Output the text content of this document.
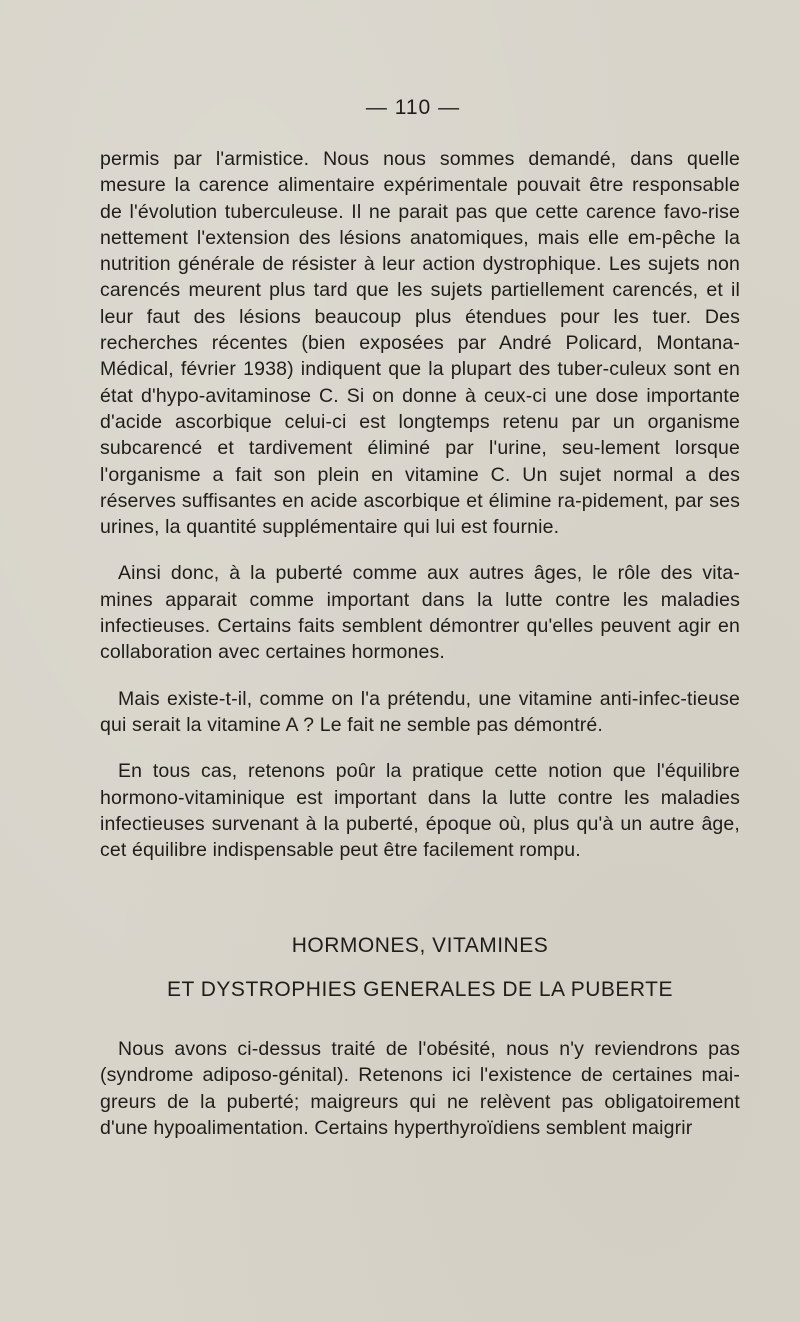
— 110 —

permis par l'armistice. Nous nous sommes demandé, dans quelle mesure la carence alimentaire expérimentale pouvait être responsable de l'évolution tuberculeuse. Il ne parait pas que cette carence favo-rise nettement l'extension des lésions anatomiques, mais elle em-pêche la nutrition générale de résister à leur action dystrophique. Les sujets non carencés meurent plus tard que les sujets partiellement carencés, et il leur faut des lésions beaucoup plus étendues pour les tuer. Des recherches récentes (bien exposées par André Policard, Montana-Médical, février 1938) indiquent que la plupart des tuber-culeux sont en état d'hypo-avitaminose C. Si on donne à ceux-ci une dose importante d'acide ascorbique celui-ci est longtemps retenu par un organisme subcarencé et tardivement éliminé par l'urine, seu-lement lorsque l'organisme a fait son plein en vitamine C. Un sujet normal a des réserves suffisantes en acide ascorbique et élimine ra-pidement, par ses urines, la quantité supplémentaire qui lui est fournie.

Ainsi donc, à la puberté comme aux autres âges, le rôle des vita-mines apparait comme important dans la lutte contre les maladies infectieuses. Certains faits semblent démontrer qu'elles peuvent agir en collaboration avec certaines hormones.

Mais existe-t-il, comme on l'a prétendu, une vitamine anti-infec-tieuse qui serait la vitamine A ? Le fait ne semble pas démontré.

En tous cas, retenons poûr la pratique cette notion que l'équilibre hormono-vitaminique est important dans la lutte contre les maladies infectieuses survenant à la puberté, époque où, plus qu'à un autre âge, cet équilibre indispensable peut être facilement rompu.

HORMONES, VITAMINES
ET DYSTROPHIES GENERALES DE LA PUBERTE

Nous avons ci-dessus traité de l'obésité, nous n'y reviendrons pas (syndrome adiposo-génital). Retenons ici l'existence de certaines mai-greurs de la puberté; maigreurs qui ne relèvent pas obligatoirement d'une hypoalimentation. Certains hyperthyroïdiens semblent maigrir
